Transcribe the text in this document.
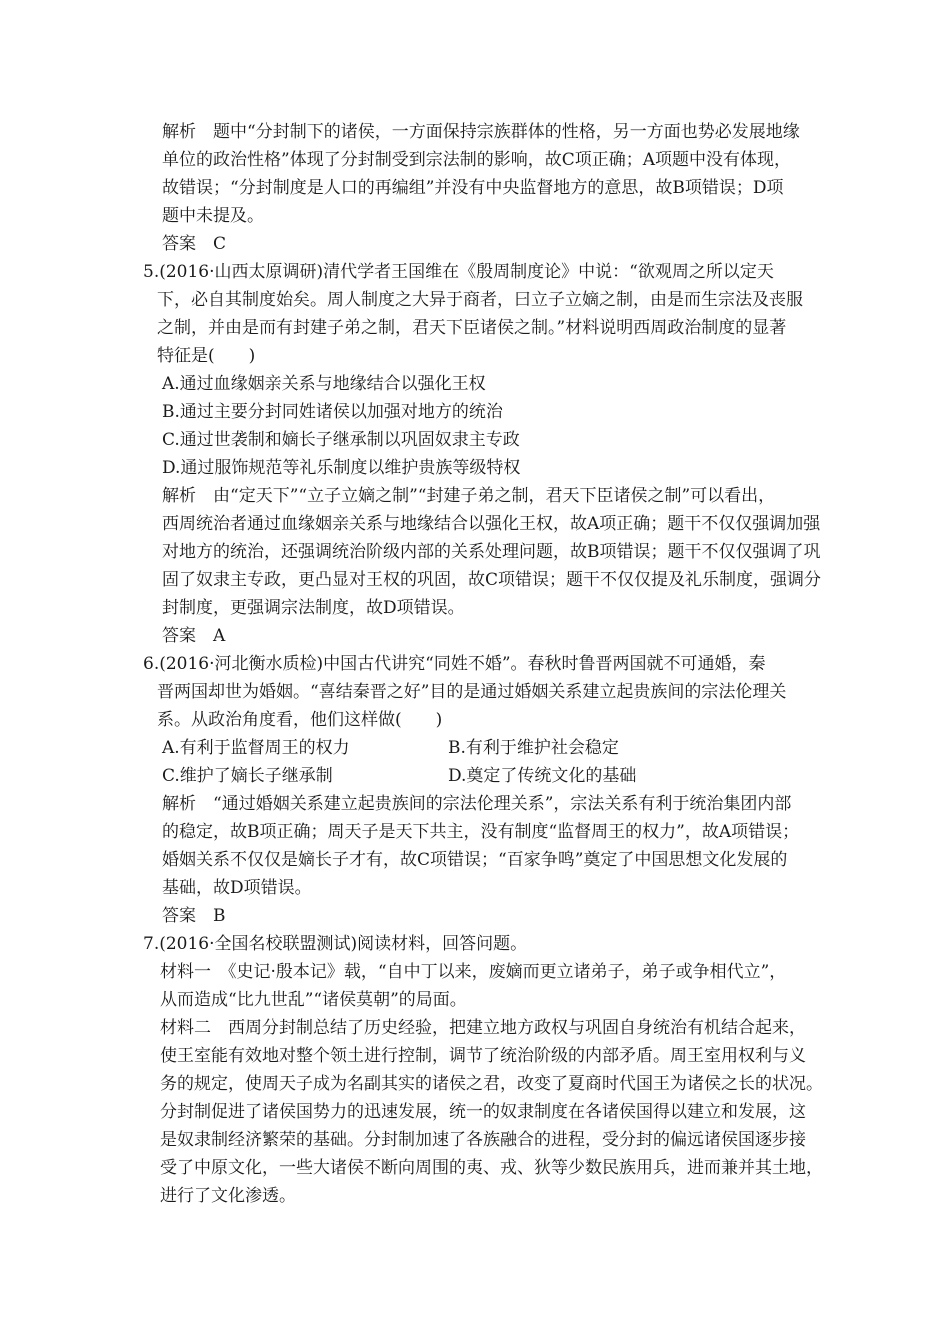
解析　题中“分封制下的诸侯，一方面保持宗族群体的性格，另一方面也势必发展地缘
单位的政治性格”体现了分封制受到宗法制的影响，故C项正确；A项题中没有体现，
故错误；“分封制度是人口的再编组”并没有中央监督地方的意思，故B项错误；D项
题中未提及。
答案　C
5.(2016·山西太原调研)清代学者王国维在《殷周制度论》中说：“欲观周之所以定天
下，必自其制度始矣。周人制度之大异于商者，曰立子立嫡之制，由是而生宗法及丧服
之制，并由是而有封建子弟之制，君天下臣诸侯之制。”材料说明西周政治制度的显著
特征是(　　)
A.通过血缘姻亲关系与地缘结合以强化王权
B.通过主要分封同姓诸侯以加强对地方的统治
C.通过世袭制和嫡长子继承制以巩固奴隶主专政
D.通过服饰规范等礼乐制度以维护贵族等级特权
解析　由“定天下”“立子立嫡之制”“封建子弟之制，君天下臣诸侯之制”可以看出，
西周统治者通过血缘姻亲关系与地缘结合以强化王权，故A项正确；题干不仅仅强调加强
对地方的统治，还强调统治阶级内部的关系处理问题，故B项错误；题干不仅仅强调了巩
固了奴隶主专政，更凸显对王权的巩固，故C项错误；题干不仅仅提及礼乐制度，强调分
封制度，更强调宗法制度，故D项错误。
答案　A
6.(2016·河北衡水质检)中国古代讲究“同姓不婚”。春秋时鲁晋两国就不可通婚，秦
晋两国却世为婚姻。“喜结秦晋之好”目的是通过婚姻关系建立起贵族间的宗法伦理关
系。从政治角度看，他们这样做(　　)
A.有利于监督周王的权力	B.有利于维护社会稳定
C.维护了嫡长子继承制	D.奠定了传统文化的基础
解析　“通过婚姻关系建立起贵族间的宗法伦理关系”，宗法关系有利于统治集团内部
的稳定，故B项正确；周天子是天下共主，没有制度“监督周王的权力”，故A项错误；
婚姻关系不仅仅是嫡长子才有，故C项错误；“百家争鸣”奠定了中国思想文化发展的
基础，故D项错误。
答案　B
7.(2016·全国名校联盟测试)阅读材料，回答问题。
材料一　《史记·殷本记》载，“自中丁以来，废嫡而更立诸弟子，弟子或争相代立”，
从而造成“比九世乱”“诸侯莫朝”的局面。
材料二　西周分封制总结了历史经验，把建立地方政权与巩固自身统治有机结合起来，
使王室能有效地对整个领土进行控制，调节了统治阶级的内部矛盾。周王室用权利与义
务的规定，使周天子成为名副其实的诸侯之君，改变了夏商时代国王为诸侯之长的状况。
分封制促进了诸侯国势力的迅速发展，统一的奴隶制度在各诸侯国得以建立和发展，这
是奴隶制经济繁荣的基础。分封制加速了各族融合的进程，受分封的偏远诸侯国逐步接
受了中原文化，一些大诸侯不断向周围的夷、戎、狄等少数民族用兵，进而兼并其土地，
进行了文化渗透。
